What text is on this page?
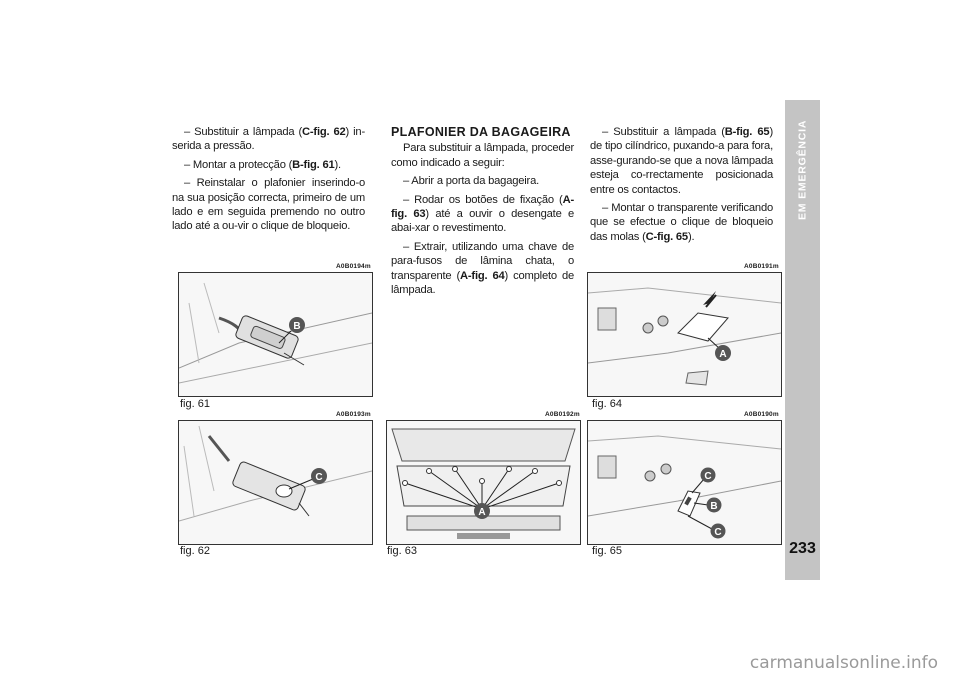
– Substituir a lâmpada (C-fig. 62) in-serida a pressão.

– Montar a protecção (B-fig. 61).

– Reinstalar o plafonier inserindo-o na sua posição correcta, primeiro de um lado e em seguida premendo no outro lado até a ou-vir o clique de bloqueio.

PLAFONIER DA BAGAGEIRA

Para substituir a lâmpada, proceder como indicado a seguir:

– Abrir a porta da bagageira.

– Rodar os botões de fixação (A-fig. 63) até a ouvir o desengate e abai-xar o revestimento.

– Extrair, utilizando uma chave de para-fusos de lâmina chata, o transparente (A-fig. 64) completo de lâmpada.

– Substituir a lâmpada (B-fig. 65) de tipo cilíndrico, puxando-a para fora, asse-gurando-se que a nova lâmpada esteja co-rrectamente posicionada entre os contactos.

– Montar o transparente verificando que se efectue o clique de bloqueio das molas (C-fig. 65).

A0B0194m
B
fig. 61
A0B0193m
C
fig. 62
A0B0192m
A
fig. 63
A0B0191m
A
fig. 64
A0B0190m
C
B
C
fig. 65
EM EMERGÊNCIA
233
carmanualsonline.info
